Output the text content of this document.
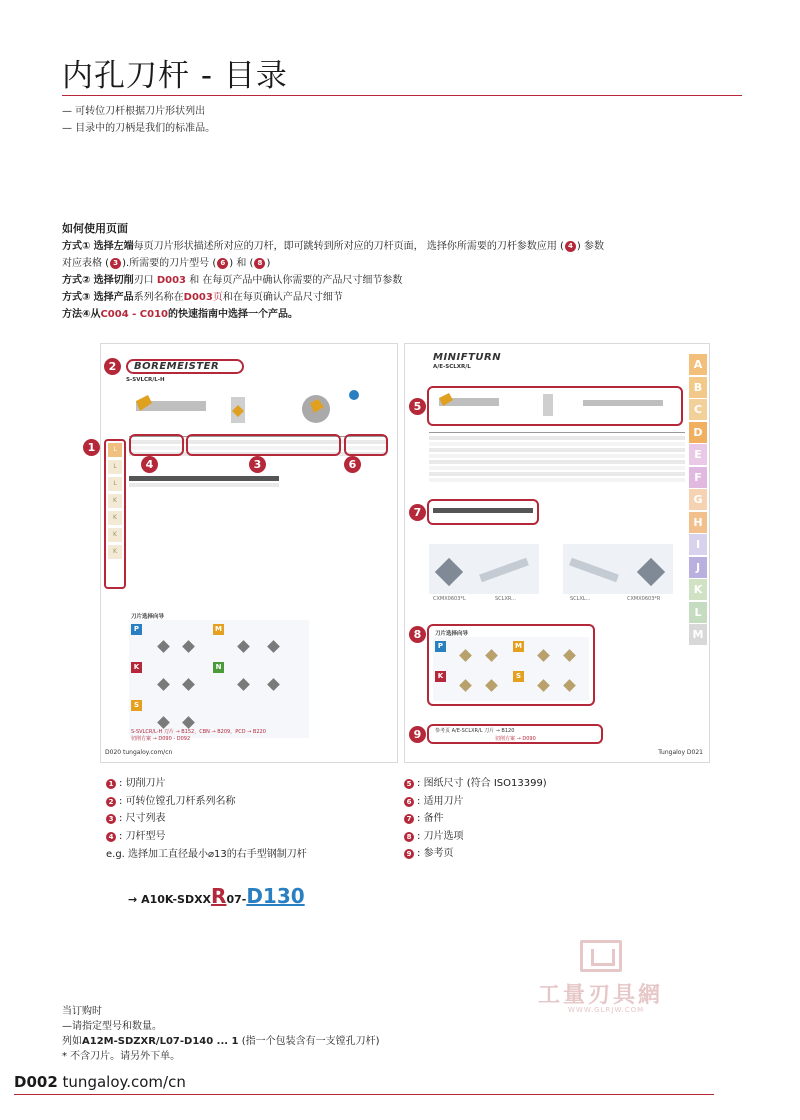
内孔刀杆 - 目录
— 可转位刀杆根据刀片形状列出
— 目录中的刀柄是我们的标准品。
如何使用页面
方式① 选择左端每页刀片形状描述所对应的刀杆，即可跳转到所对应的刀杆页面， 选择你所需要的刀杆参数应用 ( 4 ) 参数
对应表格 ( 3 ).所需要的刀片型号 ( 6 ) 和 ( 8 )
方式② 选择切削刃口 D003 和 在每页产品中确认你需要的产品尺寸细节参数
方式③ 选择产品系列名称在D003页和在每页确认产品尺寸细节
方法④从C004 - C010的快速指南中选择一个产品。
BOREMEISTER
S-SVLCR/L-H
2
L
L
L
K
K
K
K
1
4	3	6
刀片选择向导
P	M
K	N
S
S-SVLCR/L-H 刀片 → B152，CBN → B209，PCD → B220
切削方案 → D090 - D092
D020 tungaloy.com/cn
MINIFTURN
A/E-SCLXR/L
5
7
CXMX0603*L	SCLXR...	SCLXL...	CXMX0603*R
8	刀片选择向导
P	M
K	S
9	参考页 A/E-SCLXR/L 刀片 → B120
切削方案 → D090
A
B
C
D
E
F
G
H
I
J
K
L
M
Tungaloy D021
1 : 切削刀片
2 : 可转位镗孔刀杆系列名称
3 : 尺寸列表
4 : 刀杆型号
5 : 图纸尺寸 (符合 ISO13399)
6 : 适用刀片
7 : 备件
8 : 刀片选项
9 : 参考页
e.g. 选择加工直径最小⌀13的右手型钢制刀杆
→ A10K-SDXXR07-D130
工量刃具網
WWW.GLRJW.COM
当订购时
—请指定型号和数量。
列如A12M-SDZXR/L07-D140 ... 1 (指一个包装含有一支镗孔刀杆)
* 不含刀片。请另外下单。
D002 tungaloy.com/cn
